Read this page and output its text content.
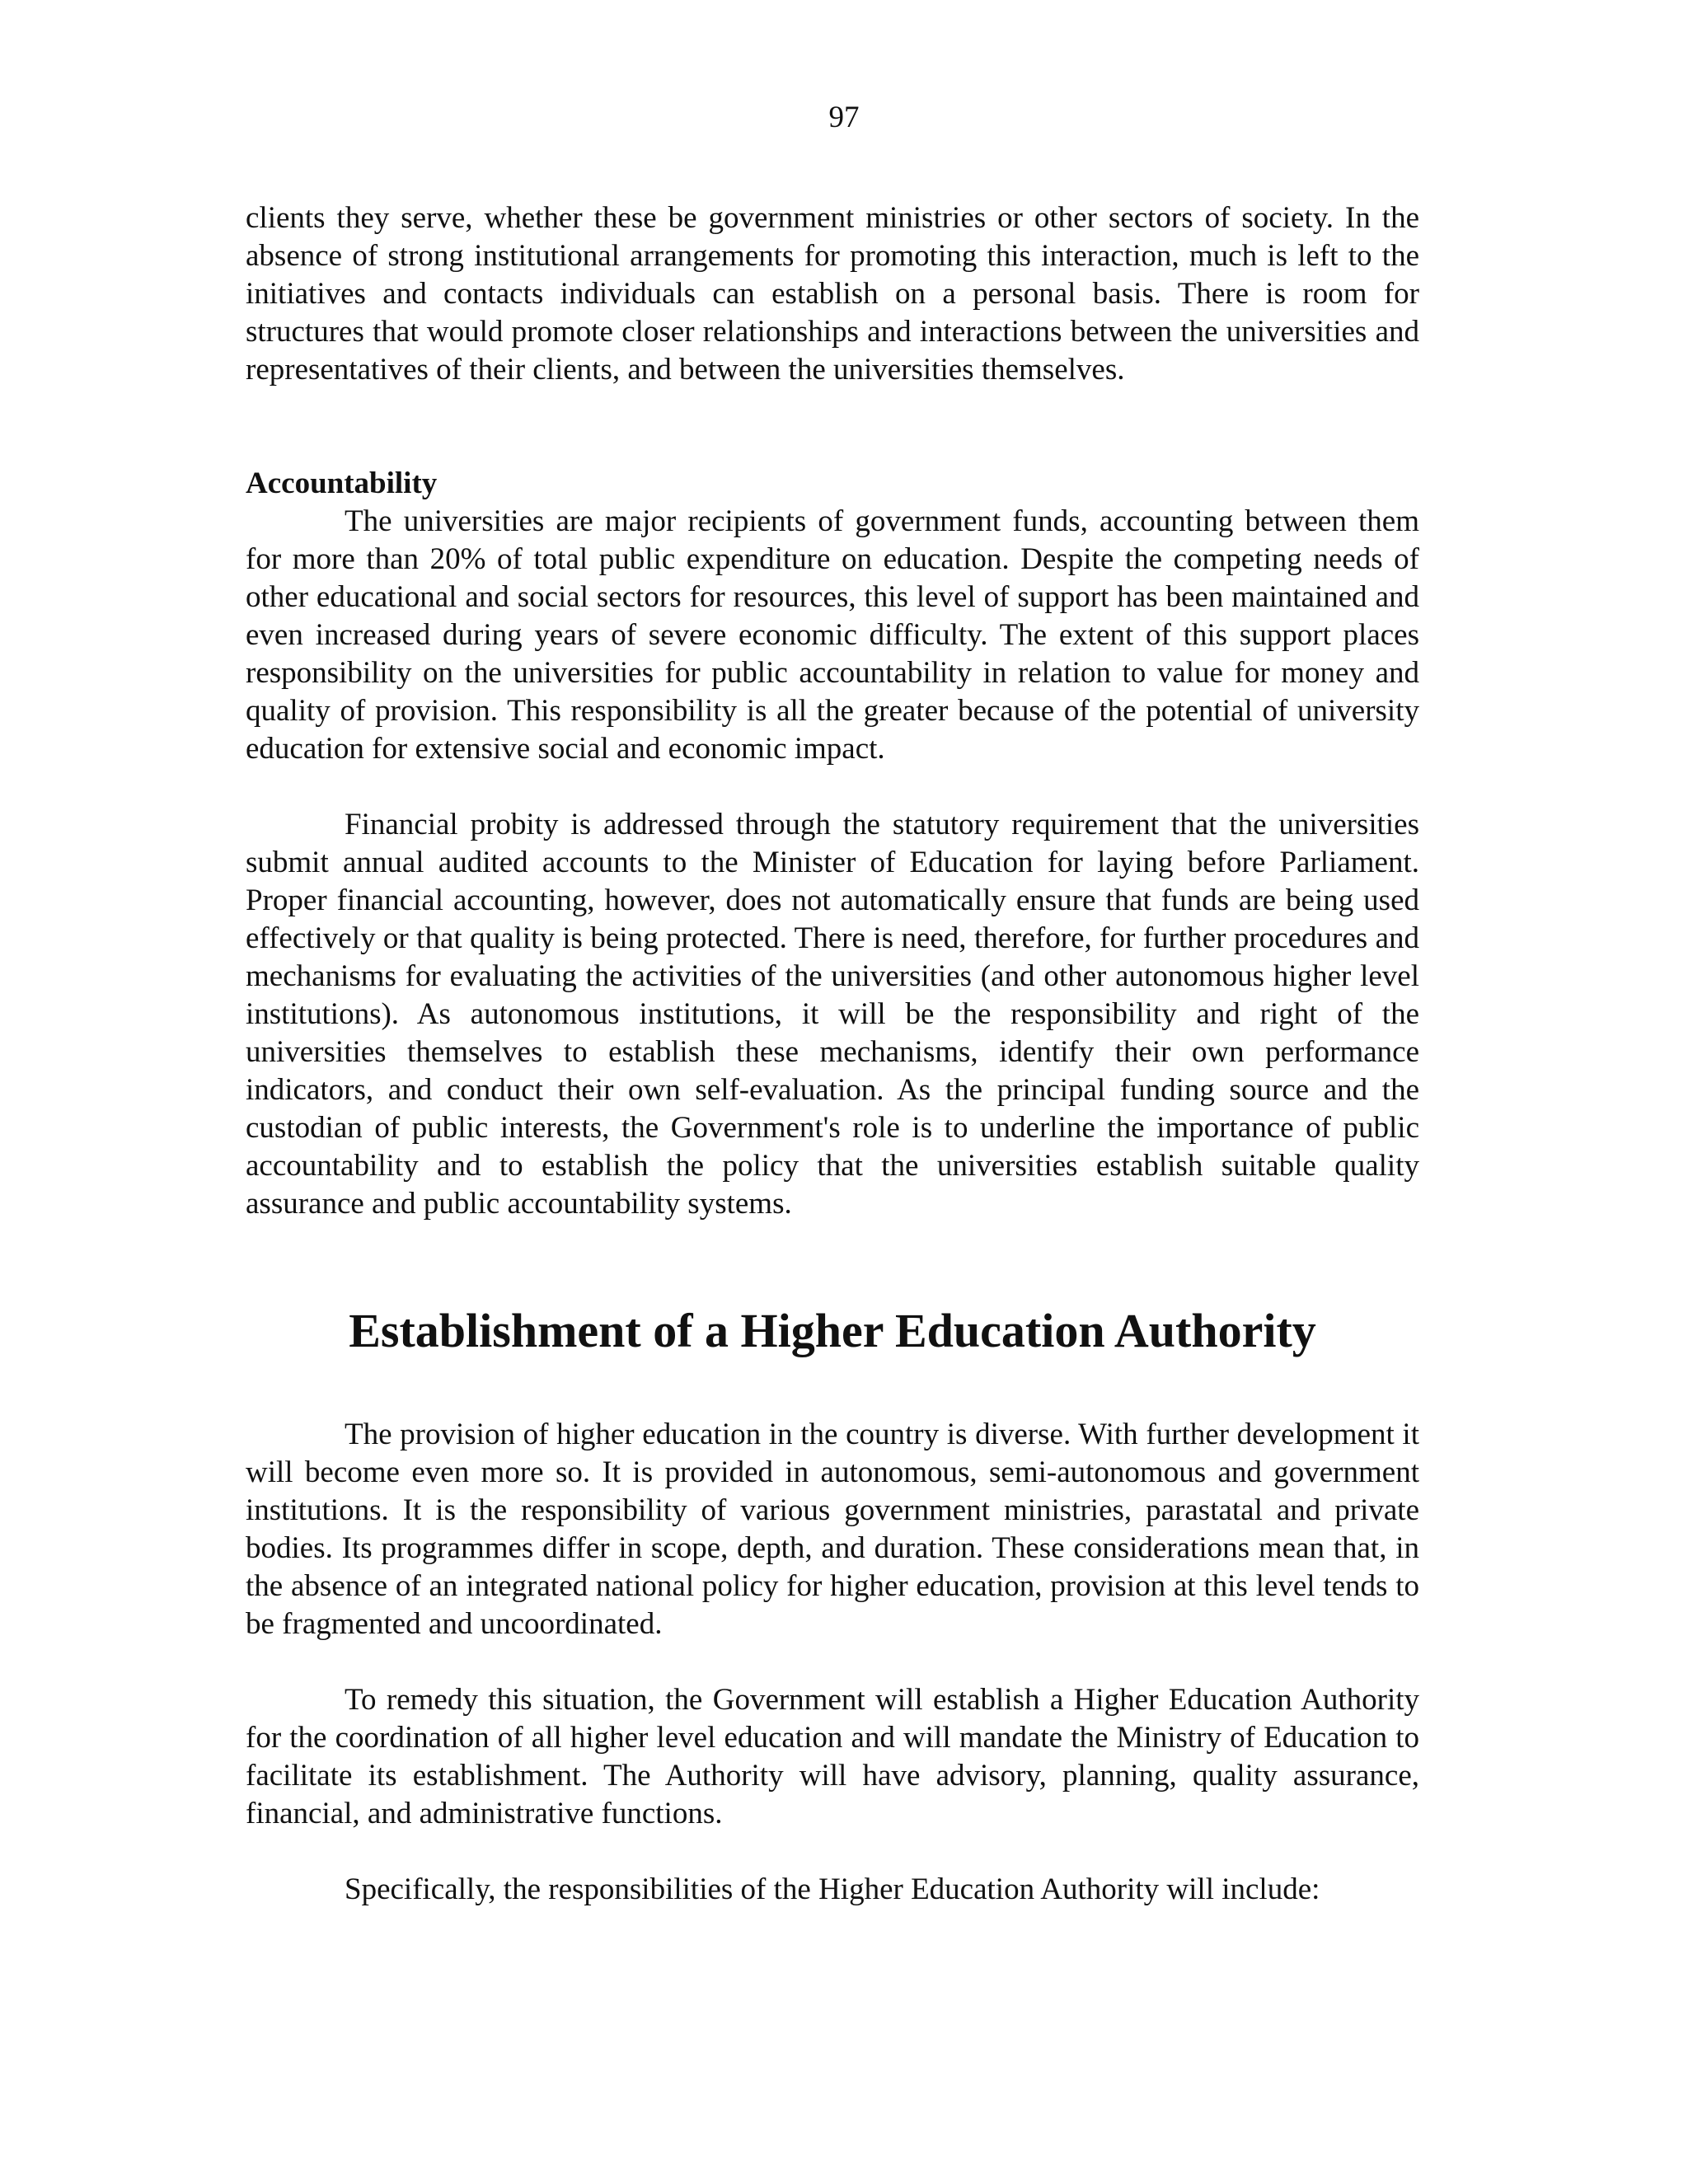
97

clients they serve, whether these be government ministries or other sectors of society. In the absence of strong institutional arrangements for promoting this interaction, much is left to the initiatives and contacts individuals can establish on a personal basis. There is room for structures that would promote closer relationships and interactions between the universities and representatives of their clients, and between the universities themselves.

Accountability

The universities are major recipients of government funds, accounting between them for more than 20% of total public expenditure on education. Despite the competing needs of other educational and social sectors for resources, this level of support has been maintained and even increased during years of severe economic difficulty. The extent of this support places responsibility on the universities for public accountability in relation to value for money and quality of provision. This responsibility is all the greater because of the potential of university education for extensive social and economic impact.

Financial probity is addressed through the statutory requirement that the universities submit annual audited accounts to the Minister of Education for laying before Parliament. Proper financial accounting, however, does not automatically ensure that funds are being used effectively or that quality is being protected. There is need, therefore, for further procedures and mechanisms for evaluating the activities of the universities (and other autonomous higher level institutions). As autonomous institutions, it will be the responsibility and right of the universities themselves to establish these mechanisms, identify their own performance indicators, and conduct their own self-evaluation. As the principal funding source and the custodian of public interests, the Government's role is to underline the importance of public accountability and to establish the policy that the universities establish suitable quality assurance and public accountability systems.

Establishment of a Higher Education Authority

The provision of higher education in the country is diverse. With further development it will become even more so. It is provided in autonomous, semi-autonomous and government institutions. It is the responsibility of various government ministries, parastatal and private bodies. Its programmes differ in scope, depth, and duration. These considerations mean that, in the absence of an integrated national policy for higher education, provision at this level tends to be fragmented and uncoordinated.

To remedy this situation, the Government will establish a Higher Education Authority for the coordination of all higher level education and will mandate the Ministry of Education to facilitate its establishment. The Authority will have advisory, planning, quality assurance, financial, and administrative functions.

Specifically, the responsibilities of the Higher Education Authority will include:
